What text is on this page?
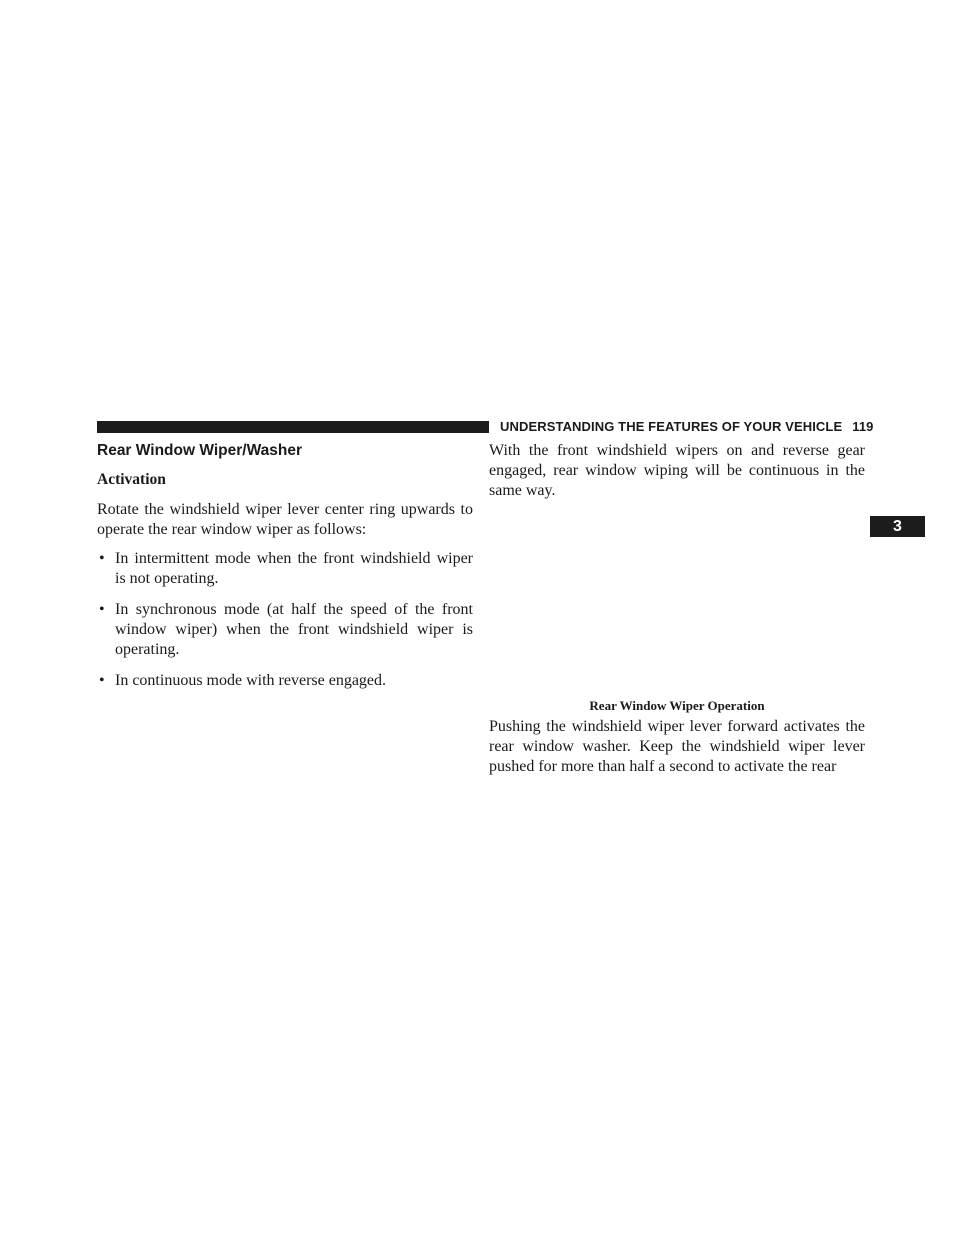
UNDERSTANDING THE FEATURES OF YOUR VEHICLE 119
3
Rear Window Wiper/Washer
Activation

Rotate the windshield wiper lever center ring upwards to operate the rear window wiper as follows:

• In intermittent mode when the front windshield wiper is not operating.
• In synchronous mode (at half the speed of the front window wiper) when the front windshield wiper is operating.
• In continuous mode with reverse engaged.

With the front windshield wipers on and reverse gear engaged, rear window wiping will be continuous in the same way.

Rear Window Wiper Operation

Pushing the windshield wiper lever forward activates the rear window washer. Keep the windshield wiper lever pushed for more than half a second to activate the rear
